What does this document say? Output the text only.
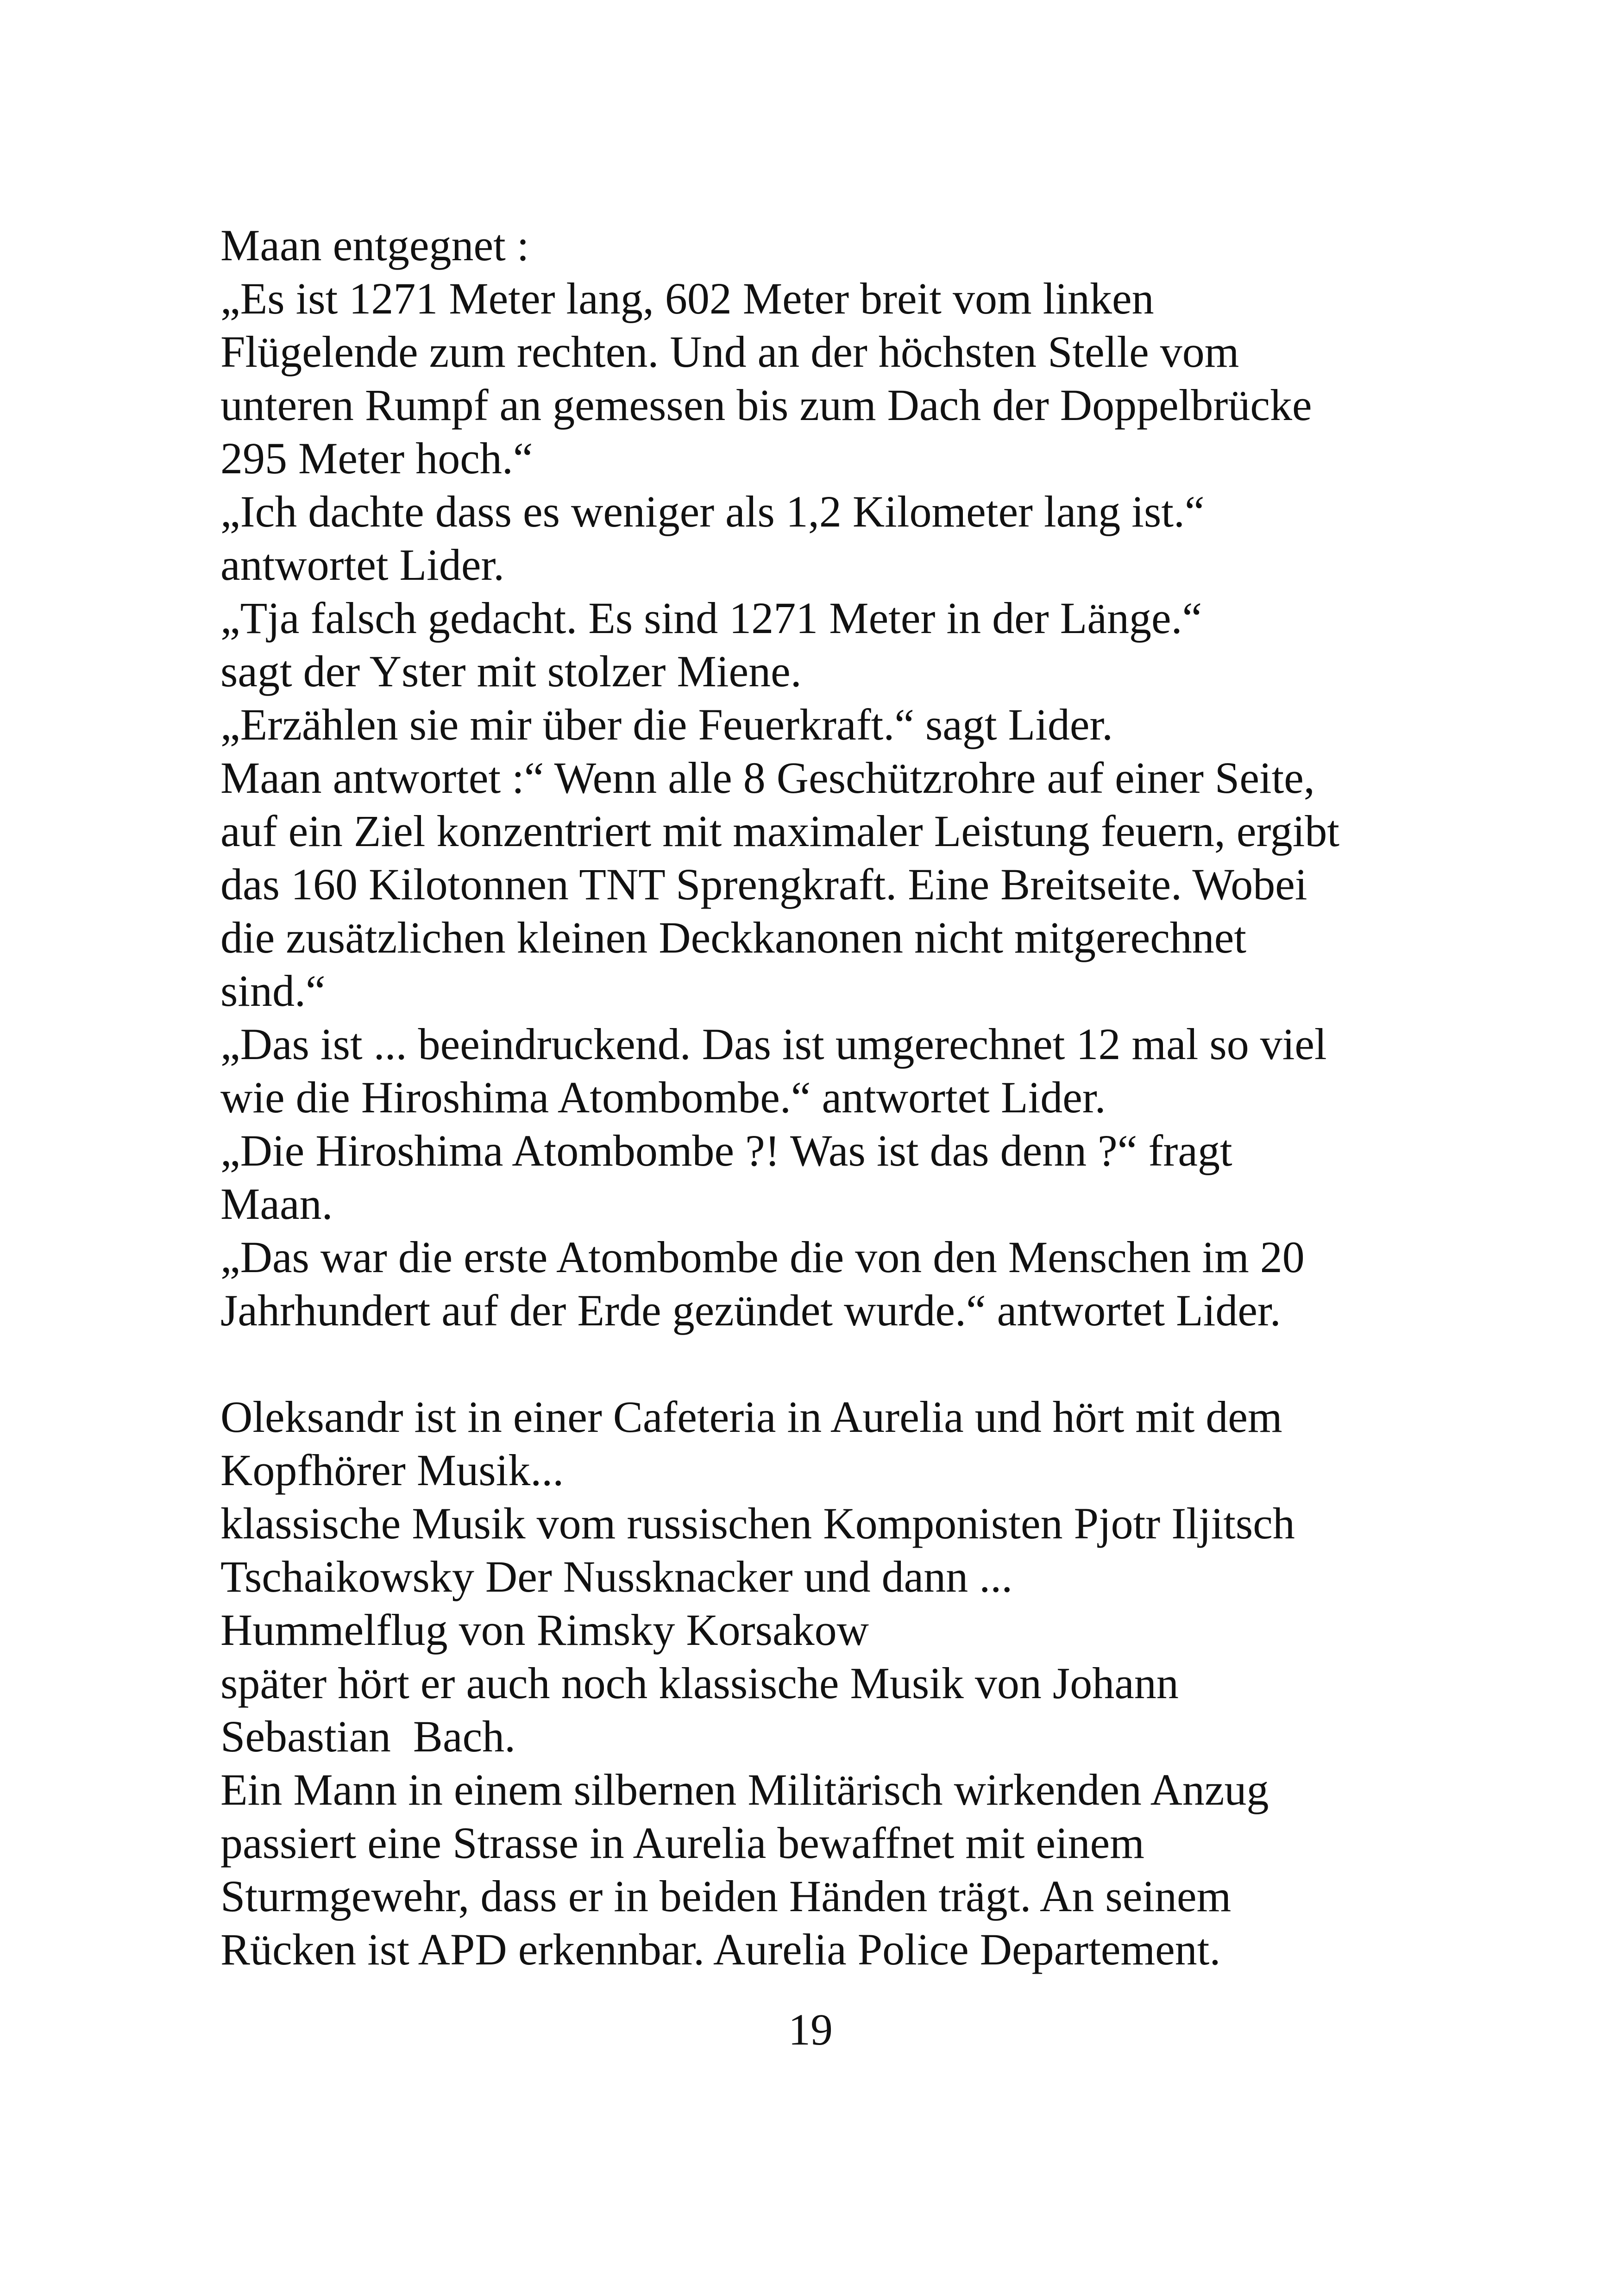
Maan entgegnet :
„Es ist 1271 Meter lang, 602 Meter breit vom linken
Flügelende zum rechten. Und an der höchsten Stelle vom
unteren Rumpf an gemessen bis zum Dach der Doppelbrücke
295 Meter hoch.“
„Ich dachte dass es weniger als 1,2 Kilometer lang ist.“
antwortet Lider.
„Tja falsch gedacht. Es sind 1271 Meter in der Länge.“
sagt der Yster mit stolzer Miene.
„Erzählen sie mir über die Feuerkraft.“ sagt Lider.
Maan antwortet :“ Wenn alle 8 Geschützrohre auf einer Seite,
auf ein Ziel konzentriert mit maximaler Leistung feuern, ergibt
das 160 Kilotonnen TNT Sprengkraft. Eine Breitseite. Wobei
die zusätzlichen kleinen Deckkanonen nicht mitgerechnet
sind.“
„Das ist ... beeindruckend. Das ist umgerechnet 12 mal so viel
wie die Hiroshima Atombombe.“ antwortet Lider.
„Die Hiroshima Atombombe ?! Was ist das denn ?“ fragt
Maan.
„Das war die erste Atombombe die von den Menschen im 20
Jahrhundert auf der Erde gezündet wurde.“ antwortet Lider.
Oleksandr ist in einer Cafeteria in Aurelia und hört mit dem
Kopfhörer Musik...
klassische Musik vom russischen Komponisten Pjotr Iljitsch
Tschaikowsky Der Nussknacker und dann ...
Hummelflug von Rimsky Korsakow
später hört er auch noch klassische Musik von Johann
Sebastian  Bach.
Ein Mann in einem silbernen Militärisch wirkenden Anzug
passiert eine Strasse in Aurelia bewaffnet mit einem
Sturmgewehr, dass er in beiden Händen trägt. An seinem
Rücken ist APD erkennbar. Aurelia Police Departement.
19
